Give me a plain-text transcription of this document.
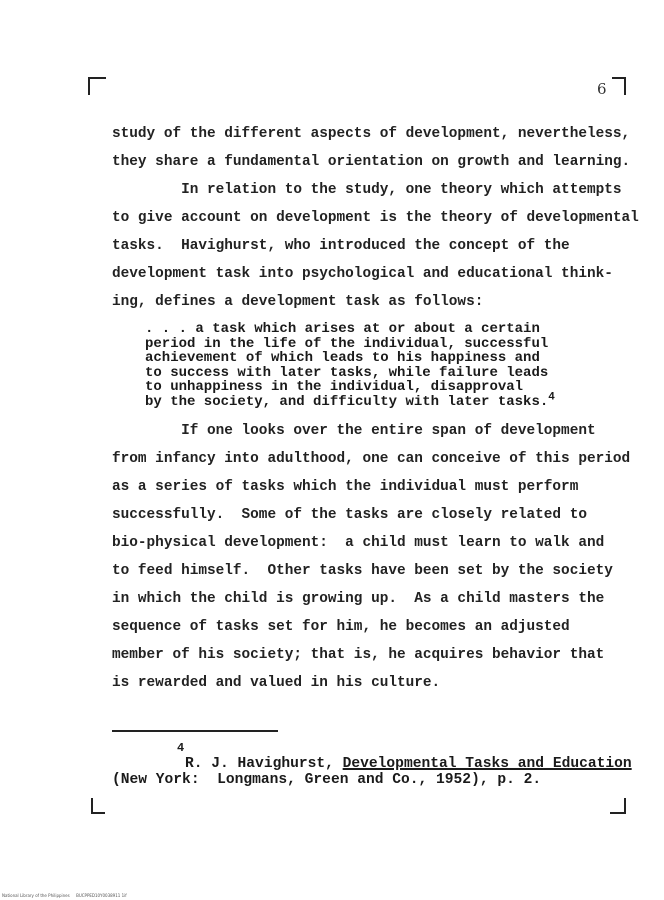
6
study of the different aspects of development, nevertheless,
they share a fundamental orientation on growth and learning.
In relation to the study, one theory which attempts
to give account on development is the theory of developmental
tasks.  Havighurst, who introduced the concept of the
development task into psychological and educational think-
ing, defines a development task as follows:
. . . a task which arises at or about a certain
period in the life of the individual, successful
achievement of which leads to his happiness and
to success with later tasks, while failure leads
to unhappiness in the individual, disapproval
by the society, and difficulty with later tasks.$^4$
If one looks over the entire span of development
from infancy into adulthood, one can conceive of this period
as a series of tasks which the individual must perform
successfully.  Some of the tasks are closely related to
bio-physical development:  a child must learn to walk and
to feed himself.  Other tasks have been set by the society
in which the child is growing up.  As a child masters the
sequence of tasks set for him, he becomes an adjusted
member of his society; that is, he acquires behavior that
is rewarded and valued in his culture.
4
R. J. Havighurst, Developmental Tasks and Education
(New York:  Longmans, Green and Co., 1952), p. 2.
National Library of the Philippines     BUCPPED10Y0038911 1if
